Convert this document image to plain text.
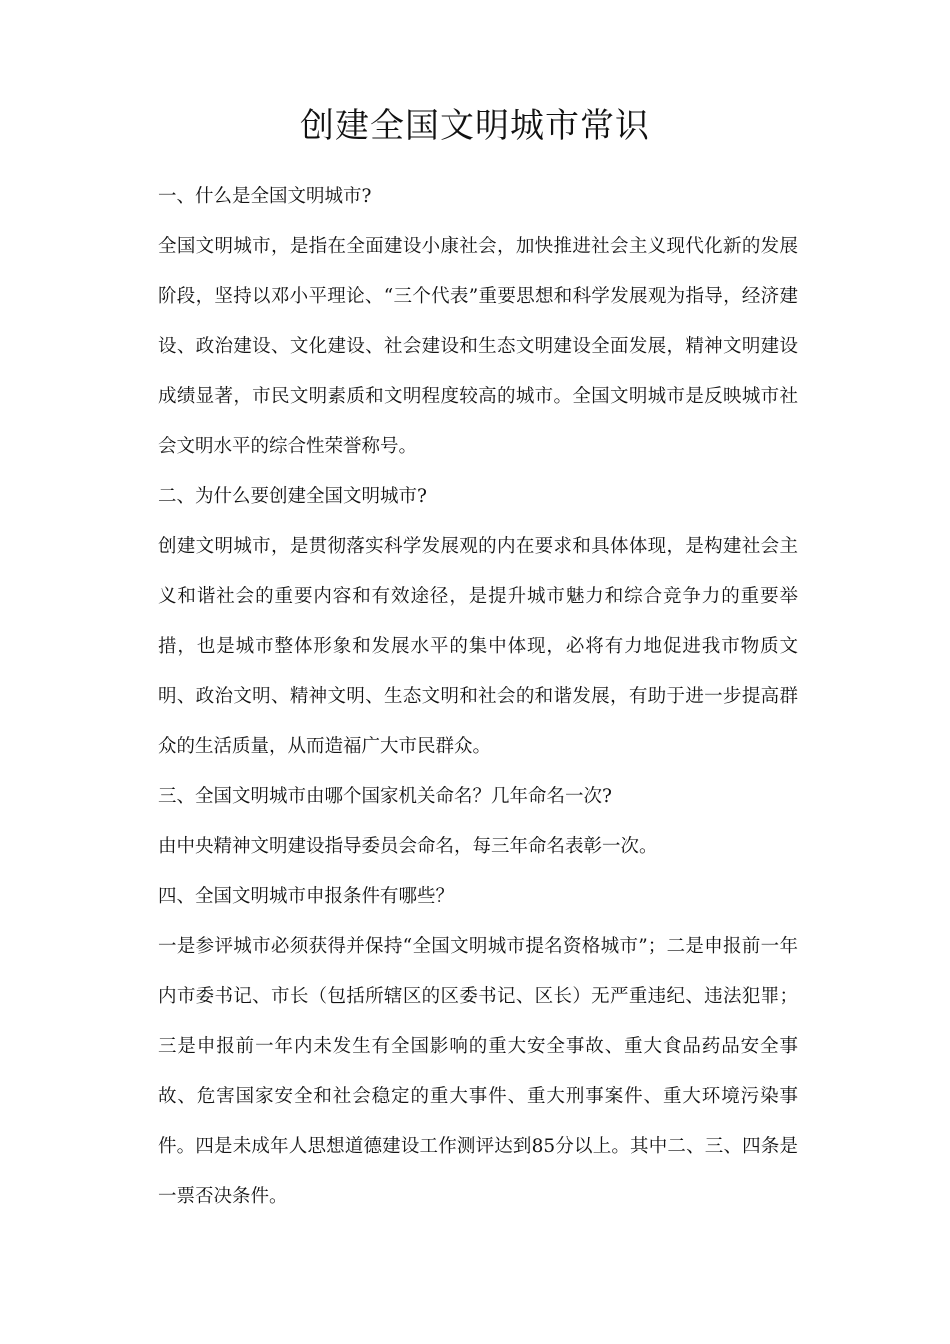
创建全国文明城市常识

一、什么是全国文明城市?

全国文明城市，是指在全面建设小康社会，加快推进社会主义现代化新的发展阶段，坚持以邓小平理论、“三个代表”重要思想和科学发展观为指导，经济建设、政治建设、文化建设、社会建设和生态文明建设全面发展，精神文明建设成绩显著，市民文明素质和文明程度较高的城市。全国文明城市是反映城市社会文明水平的综合性荣誉称号。

二、为什么要创建全国文明城市?

创建文明城市，是贯彻落实科学发展观的内在要求和具体体现，是构建社会主义和谐社会的重要内容和有效途径，是提升城市魅力和综合竞争力的重要举措，也是城市整体形象和发展水平的集中体现，必将有力地促进我市物质文明、政治文明、精神文明、生态文明和社会的和谐发展，有助于进一步提高群众的生活质量，从而造福广大市民群众。

三、全国文明城市由哪个国家机关命名？几年命名一次?

由中央精神文明建设指导委员会命名，每三年命名表彰一次。

四、全国文明城市申报条件有哪些？

一是参评城市必须获得并保持“全国文明城市提名资格城市”；二是申报前一年内市委书记、市长（包括所辖区的区委书记、区长）无严重违纪、违法犯罪；三是申报前一年内未发生有全国影响的重大安全事故、重大食品药品安全事故、危害国家安全和社会稳定的重大事件、重大刑事案件、重大环境污染事件。四是未成年人思想道德建设工作测评达到85分以上。其中二、三、四条是一票否决条件。
